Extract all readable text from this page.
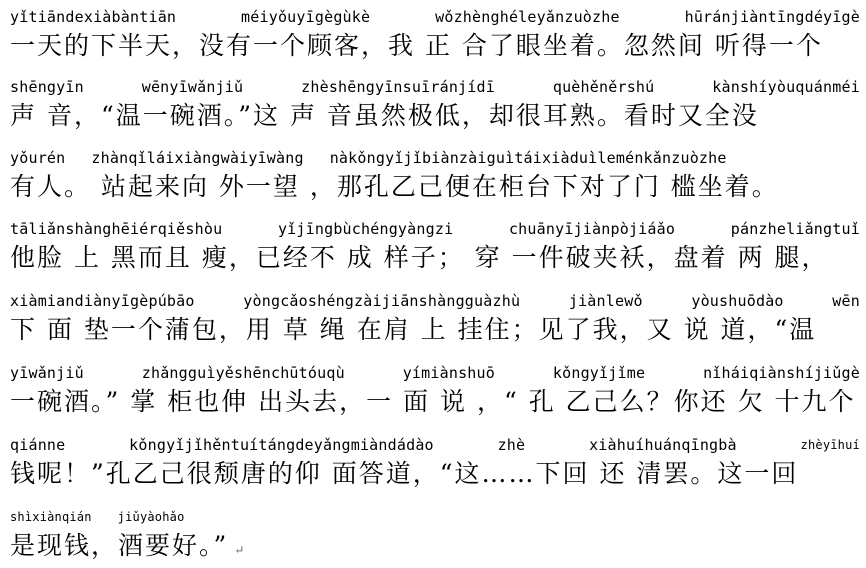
yǐtiāndexiàbàntiān	méiyǒuyīgègùkè	wǒzhènghéleyǎnzuòzhe	hūránjiàntīngdéyīgè
一天的下半天，没有一个顾客，我 正 合了眼坐着。忽然间 听得一个
shēngyīn	wēnyīwǎnjiǔ	zhèshēngyīnsuīránjídī	quèhěněrshú	kànshíyòuquánméi
声 音，“温一碗酒。”这 声 音虽然极低，却很耳熟。看时又全没
yǒurén zhànqǐláixiàngwàiyīwàng nàkǒngyǐjǐbiànzàiguìtáixiàduìleménkǎnzuòzhe
有人。 站起来向 外一望 ，那孔乙己便在柜台下对了门 槛坐着。
tāliǎnshànghēiérqiěshòu	yǐjīngbùchéngyàngzi	chuānyījiànpòjiáǎo	pánzheliǎngtuǐ
他脸 上 黑而且 瘦，已经不 成 样子； 穿 一件破夹袄，盘着 两 腿，
xiàmiandiànyīgèpúbāo	yòngcǎoshéngzàijiānshàngguàzhù	jiànlewǒ	yòushuōdào	wēn
下 面 垫一个蒲包，用 草 绳 在肩 上 挂住；见了我，又 说 道，“温
yīwǎnjiǔ	zhǎngguìyěshēnchūtóuqù	yímiànshuō	kǒngyǐjǐme	nǐháiqiànshíjiǔgè
一碗酒。” 掌 柜也伸 出头去，一 面 说 ，“ 孔 乙己么？你还 欠 十九个
qiánne	kǒngyǐjǐhěntuítángdeyǎngmiàndádào	zhè	xiàhuíhuánqīngbà	zhèyīhuí
钱呢！”孔乙己很颓唐的仰 面答道，“这……下回 还 清罢。这一回
shìxiànqián jiǔyàohǎo
是现钱，酒要好。” ↵
